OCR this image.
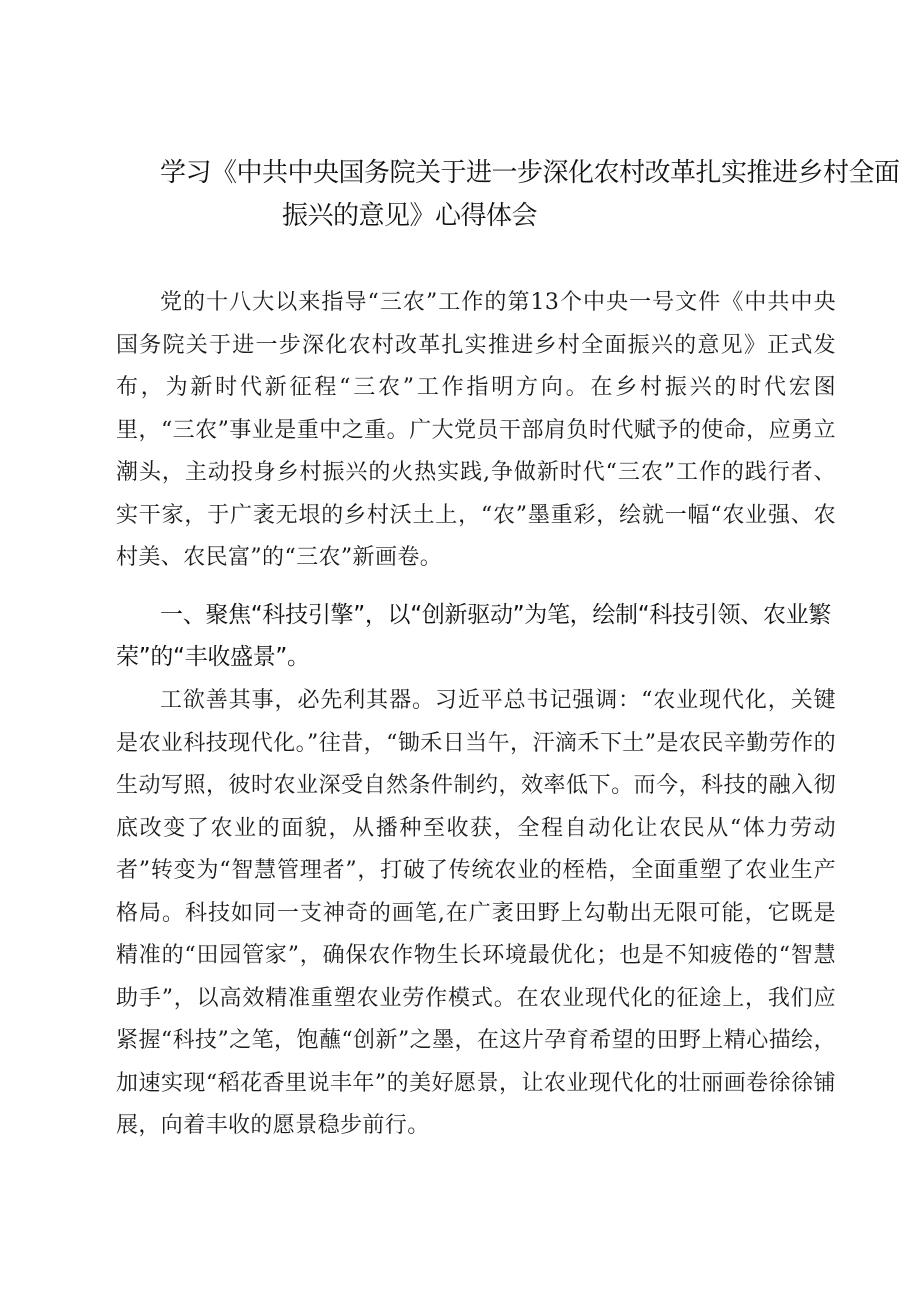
学习《中共中央国务院关于进一步深化农村改革扎实推进乡村全面
振兴的意见》心得体会

党的十八大以来指导“三农”工作的第13个中央一号文件《中共中央国务院关于进一步深化农村改革扎实推进乡村全面振兴的意见》正式发布，为新时代新征程“三农”工作指明方向。在乡村振兴的时代宏图里，“三农”事业是重中之重。广大党员干部肩负时代赋予的使命，应勇立潮头，主动投身乡村振兴的火热实践,争做新时代“三农”工作的践行者、实干家，于广袤无垠的乡村沃土上，“农”墨重彩，绘就一幅“农业强、农村美、农民富”的“三农”新画卷。

一、聚焦“科技引擎”，以“创新驱动”为笔，绘制“科技引领、农业繁荣”的“丰收盛景”。

工欲善其事，必先利其器。习近平总书记强调：“农业现代化，关键是农业科技现代化。”往昔，“锄禾日当午，汗滴禾下土”是农民辛勤劳作的生动写照，彼时农业深受自然条件制约，效率低下。而今，科技的融入彻底改变了农业的面貌，从播种至收获，全程自动化让农民从“体力劳动者”转变为“智慧管理者”，打破了传统农业的桎梏，全面重塑了农业生产格局。科技如同一支神奇的画笔,在广袤田野上勾勒出无限可能，它既是精准的“田园管家”，确保农作物生长环境最优化；也是不知疲倦的“智慧助手”，以高效精准重塑农业劳作模式。在农业现代化的征途上，我们应紧握“科技”之笔，饱蘸“创新”之墨，在这片孕育希望的田野上精心描绘，加速实现“稻花香里说丰年”的美好愿景，让农业现代化的壮丽画卷徐徐铺展，向着丰收的愿景稳步前行。
